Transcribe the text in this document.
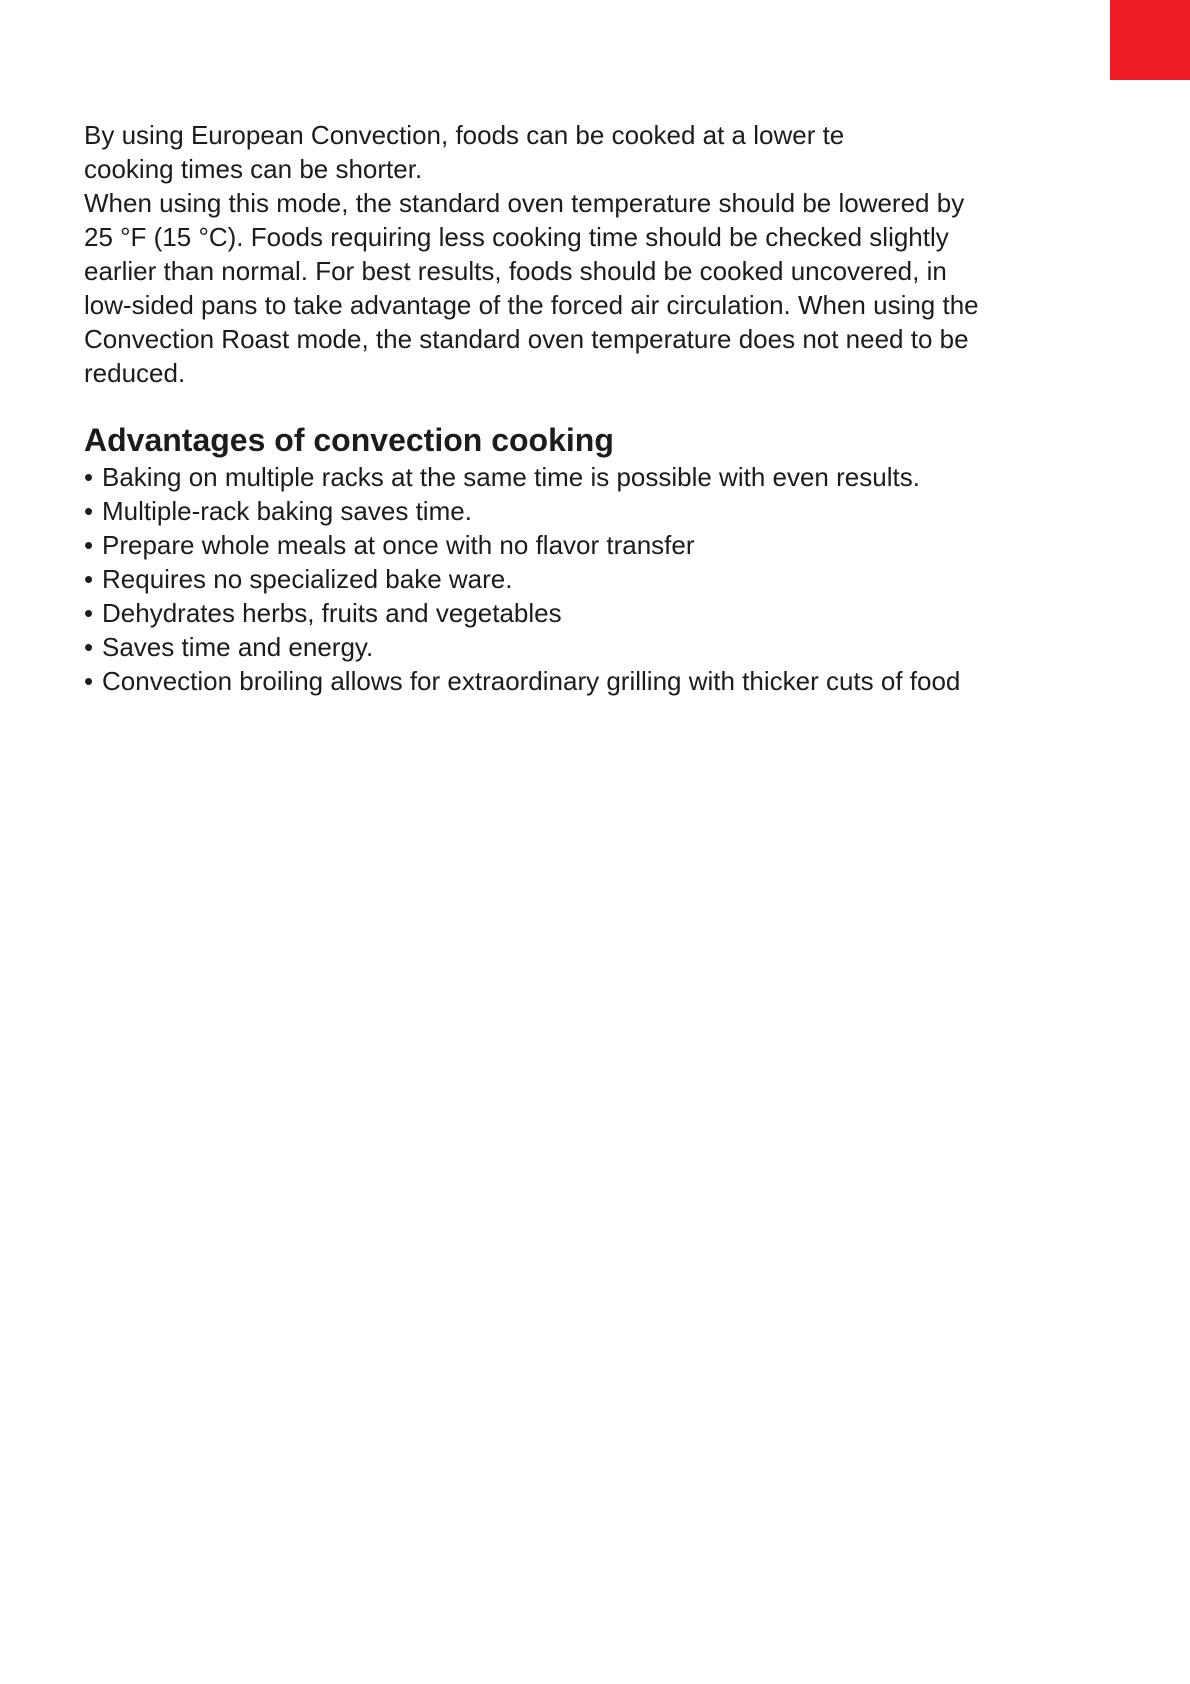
By using European Convection, foods can be cooked at a lower te

cooking times can be shorter.

When using this mode, the standard oven temperature should be lowered by

25 °F (15 °C). Foods requiring less cooking time should be checked slightly

earlier than normal. For best results, foods should be cooked uncovered, in

low-sided pans to take advantage of the forced air circulation. When using the

Convection Roast mode, the standard oven temperature does not need to be

reduced.

Advantages of convection cooking
• Baking on multiple racks at the same time is possible with even results.
• Multiple-rack baking saves time.
• Prepare whole meals at once with no flavor transfer
• Requires no specialized bake ware.
• Dehydrates herbs, fruits and vegetables
• Saves time and energy.
• Convection broiling allows for extraordinary grilling with thicker cuts of food
